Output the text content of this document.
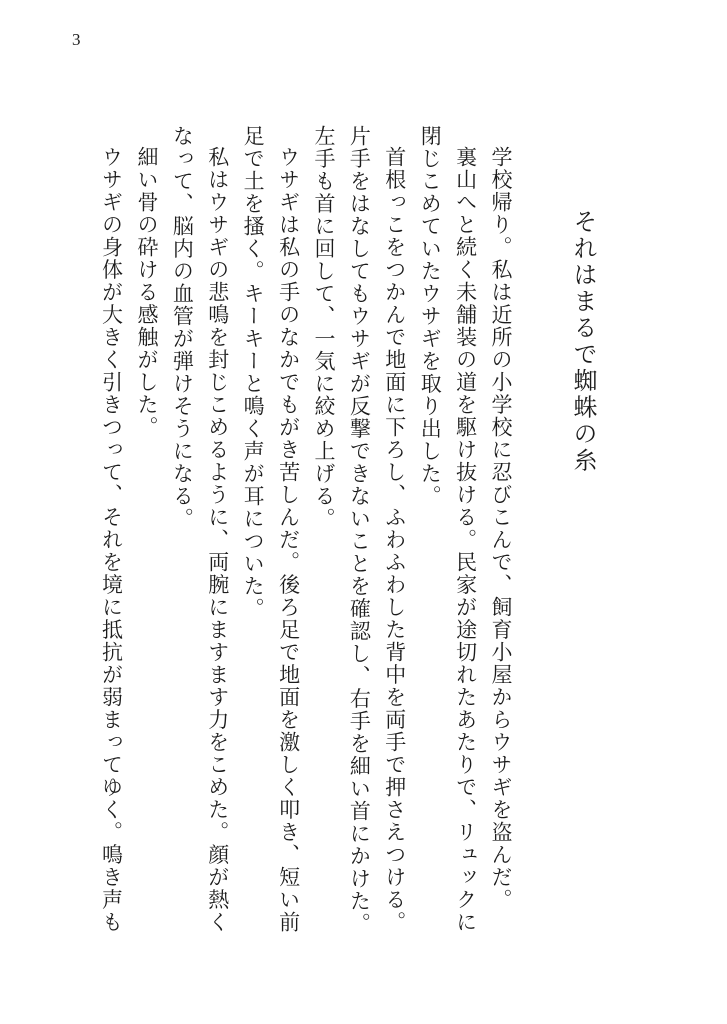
3
それはまるで蜘蛛の糸

学校帰り。私は近所の小学校に忍びこんで、飼育小屋からウサギを盗んだ。

裏山へと続く未舗装の道を駆け抜ける。民家が途切れたあたりで、リュックに閉じこめていたウサギを取り出した。

首根っこをつかんで地面に下ろし、ふわふわした背中を両手で押さえつける。片手をはなしてもウサギが反撃できないことを確認し、右手を細い首にかけた。左手も首に回して、一気に絞め上げる。

ウサギは私の手のなかでもがき苦しんだ。後ろ足で地面を激しく叩き、短い前足で土を搔く。キーキーと鳴く声が耳についた。

私はウサギの悲鳴を封じこめるように、両腕にますます力をこめた。顔が熱くなって、脳内の血管が弾けそうになる。

細い骨の砕ける感触がした。

ウサギの身体が大きく引きつって、それを境に抵抗が弱まってゆく。鳴き声も
